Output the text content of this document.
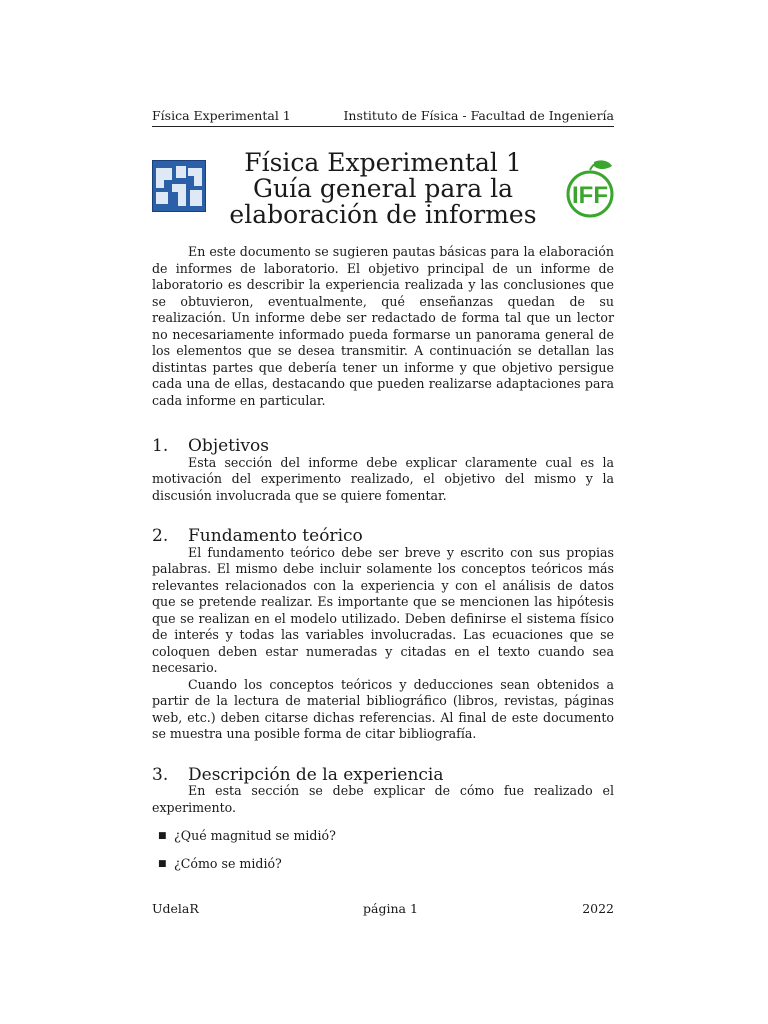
Física Experimental 1	Instituto de Física - Facultad de Ingeniería
Física Experimental 1
Guía general para la
elaboración de informes
IFF

En este documento se sugieren pautas básicas para la elaboración de informes de laboratorio. El objetivo principal de un informe de laboratorio es describir la experiencia realizada y las conclusiones que se obtuvieron, eventualmente, qué enseñanzas quedan de su realización. Un informe debe ser redactado de forma tal que un lector no necesariamente informado pueda formarse un panorama general de los elementos que se desea transmitir. A continuación se detallan las distintas partes que debería tener un informe y que objetivo persigue cada una de ellas, destacando que pueden realizarse adaptaciones para cada informe en particular.

1.	Objetivos

Esta sección del informe debe explicar claramente cual es la motivación del experimento realizado, el objetivo del mismo y la discusión involucrada que se quiere fomentar.

2.	Fundamento teórico

El fundamento teórico debe ser breve y escrito con sus propias palabras. El mismo debe incluir solamente los conceptos teóricos más relevantes relacionados con la experiencia y con el análisis de datos que se pretende realizar. Es importante que se mencionen las hipótesis que se realizan en el modelo utilizado. Deben definirse el sistema físico de interés y todas las variables involucradas. Las ecuaciones que se coloquen deben estar numeradas y citadas en el texto cuando sea necesario.

Cuando los conceptos teóricos y deducciones sean obtenidos a partir de la lectura de material bibliográfico (libros, revistas, páginas web, etc.) deben citarse dichas referencias. Al final de este documento se muestra una posible forma de citar bibliografía.

3.	Descripción de la experiencia

En esta sección se debe explicar de cómo fue realizado el experimento.

■ ¿Qué magnitud se midió?
■ ¿Cómo se midió?
UdelaR	página 1	2022
